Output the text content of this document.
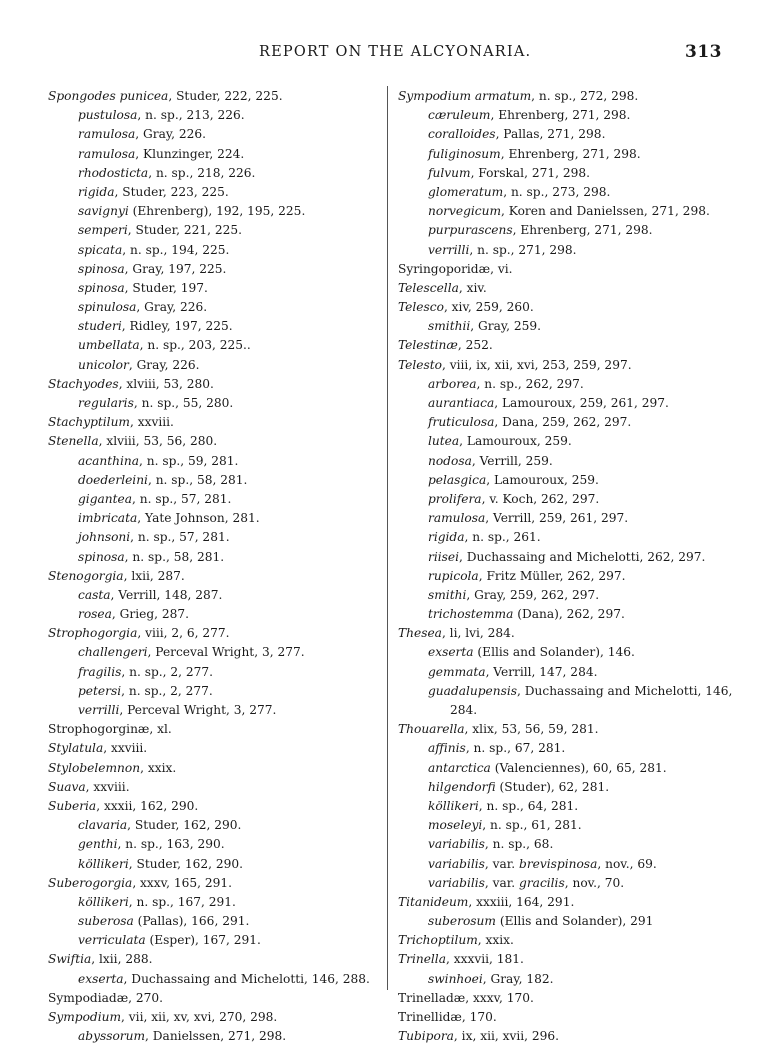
REPORT ON THE ALCYONARIA.	313
Spongodes punicea, Studer, 222, 225.
pustulosa, n. sp., 213, 226.
ramulosa, Gray, 226.
ramulosa, Klunzinger, 224.
rhodosticta, n. sp., 218, 226.
rigida, Studer, 223, 225.
savignyi (Ehrenberg), 192, 195, 225.
semperi, Studer, 221, 225.
spicata, n. sp., 194, 225.
spinosa, Gray, 197, 225.
spinosa, Studer, 197.
spinulosa, Gray, 226.
studeri, Ridley, 197, 225.
umbellata, n. sp., 203, 225..
unicolor, Gray, 226.
Stachyodes, xlviii, 53, 280.
regularis, n. sp., 55, 280.
Stachyptilum, xxviii.
Stenella, xlviii, 53, 56, 280.
acanthina, n. sp., 59, 281.
doederleini, n. sp., 58, 281.
gigantea, n. sp., 57, 281.
imbricata, Yate Johnson, 281.
johnsoni, n. sp., 57, 281.
spinosa, n. sp., 58, 281.
Stenogorgia, lxii, 287.
casta, Verrill, 148, 287.
rosea, Grieg, 287.
Strophogorgia, viii, 2, 6, 277.
challengeri, Perceval Wright, 3, 277.
fragilis, n. sp., 2, 277.
petersi, n. sp., 2, 277.
verrilli, Perceval Wright, 3, 277.
Strophogorginæ, xl.
Stylatula, xxviii.
Stylobelemnon, xxix.
Suava, xxviii.
Suberia, xxxii, 162, 290.
clavaria, Studer, 162, 290.
genthi, n. sp., 163, 290.
köllikeri, Studer, 162, 290.
Suberogorgia, xxxv, 165, 291.
köllikeri, n. sp., 167, 291.
suberosa (Pallas), 166, 291.
verriculata (Esper), 167, 291.
Swiftia, lxii, 288.
exserta, Duchassaing and Michelotti, 146, 288.
Sympodiadæ, 270.
Sympodium, vii, xii, xv, xvi, 270, 298.
abyssorum, Danielssen, 271, 298.
Sympodium armatum, n. sp., 272, 298.
cæruleum, Ehrenberg, 271, 298.
coralloides, Pallas, 271, 298.
fuliginosum, Ehrenberg, 271, 298.
fulvum, Forskal, 271, 298.
glomeratum, n. sp., 273, 298.
norvegicum, Koren and Danielssen, 271, 298.
purpurascens, Ehrenberg, 271, 298.
verrilli, n. sp., 271, 298.
Syringoporidæ, vi.
Telescella, xiv.
Telesco, xiv, 259, 260.
smithii, Gray, 259.
Telestinæ, 252.
Telesto, viii, ix, xii, xvi, 253, 259, 297.
arborea, n. sp., 262, 297.
aurantiaca, Lamouroux, 259, 261, 297.
fruticulosa, Dana, 259, 262, 297.
lutea, Lamouroux, 259.
nodosa, Verrill, 259.
pelasgica, Lamouroux, 259.
prolifera, v. Koch, 262, 297.
ramulosa, Verrill, 259, 261, 297.
rigida, n. sp., 261.
riisei, Duchassaing and Michelotti, 262, 297.
rupicola, Fritz Müller, 262, 297.
smithi, Gray, 259, 262, 297.
trichostemma (Dana), 262, 297.
Thesea, li, lvi, 284.
exserta (Ellis and Solander), 146.
gemmata, Verrill, 147, 284.
guadalupensis, Duchassaing and Michelotti, 146,
284.
Thouarella, xlix, 53, 56, 59, 281.
affinis, n. sp., 67, 281.
antarctica (Valenciennes), 60, 65, 281.
hilgendorfi (Studer), 62, 281.
köllikeri, n. sp., 64, 281.
moseleyi, n. sp., 61, 281.
variabilis, n. sp., 68.
variabilis, var. brevispinosa, nov., 69.
variabilis, var. gracilis, nov., 70.
Titanideum, xxxiii, 164, 291.
suberosum (Ellis and Solander), 291
Trichoptilum, xxix.
Trinella, xxxvii, 181.
swinhoei, Gray, 182.
Trinelladæ, xxxv, 170.
Trinellidæ, 170.
Tubipora, ix, xii, xvii, 296.
